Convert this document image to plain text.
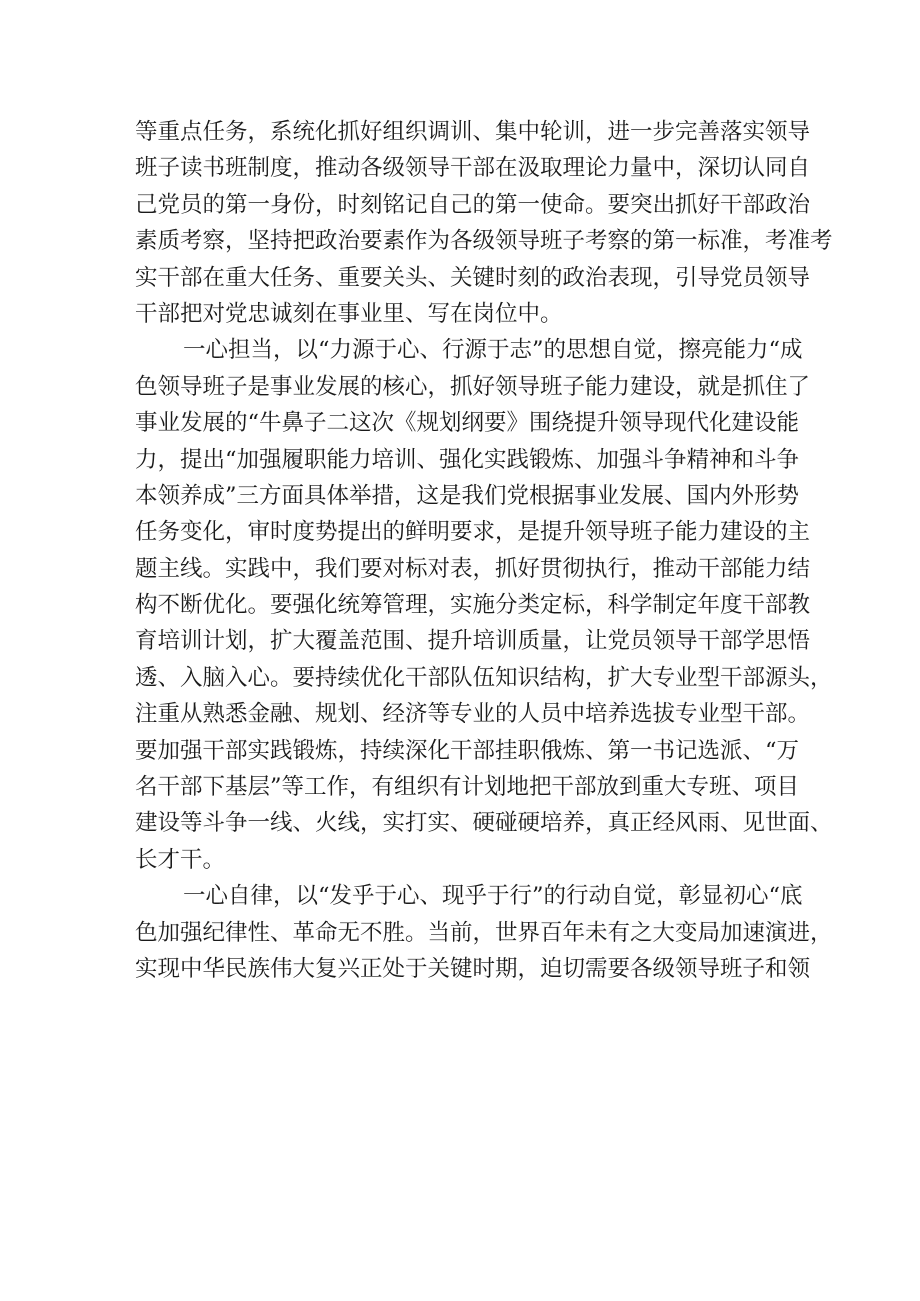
等重点任务，系统化抓好组织调训、集中轮训，进一步完善落实领导
班子读书班制度，推动各级领导干部在汲取理论力量中，深切认同自
己党员的第一身份，时刻铭记自己的第一使命。要突出抓好干部政治
素质考察，坚持把政治要素作为各级领导班子考察的第一标准，考准考
实干部在重大任务、重要关头、关键时刻的政治表现，引导党员领导
干部把对党忠诚刻在事业里、写在岗位中。
一心担当，以“力源于心、行源于志”的思想自觉，擦亮能力“成
色领导班子是事业发展的核心，抓好领导班子能力建设，就是抓住了
事业发展的“牛鼻子二这次《规划纲要》围绕提升领导现代化建设能
力，提出“加强履职能力培训、强化实践锻炼、加强斗争精神和斗争
本领养成”三方面具体举措，这是我们党根据事业发展、国内外形势
任务变化，审时度势提出的鲜明要求，是提升领导班子能力建设的主
题主线。实践中，我们要对标对表，抓好贯彻执行，推动干部能力结
构不断优化。要强化统筹管理，实施分类定标，科学制定年度干部教
育培训计划，扩大覆盖范围、提升培训质量，让党员领导干部学思悟
透、入脑入心。要持续优化干部队伍知识结构，扩大专业型干部源头，
注重从熟悉金融、规划、经济等专业的人员中培养选拔专业型干部。
要加强干部实践锻炼，持续深化干部挂职俄炼、第一书记选派、“万
名干部下基层”等工作，有组织有计划地把干部放到重大专班、项目
建设等斗争一线、火线，实打实、硬碰硬培养，真正经风雨、见世面、
长才干。
一心自律，以“发乎于心、现乎于行”的行动自觉，彰显初心“底
色加强纪律性、革命无不胜。当前，世界百年未有之大变局加速演进，
实现中华民族伟大复兴正处于关键时期，迫切需要各级领导班子和领
